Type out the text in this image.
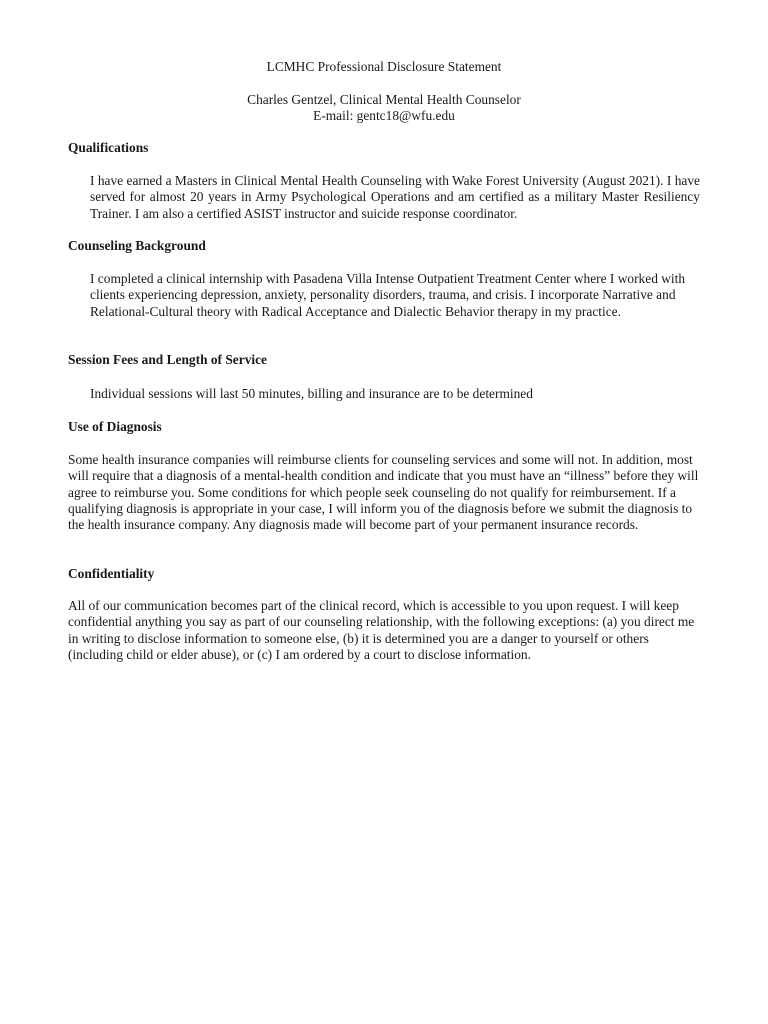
LCMHC Professional Disclosure Statement
Charles Gentzel, Clinical Mental Health Counselor
E-mail: gentc18@wfu.edu
Qualifications

I have earned a Masters in Clinical Mental Health Counseling with Wake Forest University (August 2021). I have served for almost 20 years in Army Psychological Operations and am certified as a military Master Resiliency Trainer. I am also a certified ASIST instructor and suicide response coordinator.

Counseling Background

I completed a clinical internship with Pasadena Villa Intense Outpatient Treatment Center where I worked with clients experiencing depression, anxiety, personality disorders, trauma, and crisis. I incorporate Narrative and Relational-Cultural theory with Radical Acceptance and Dialectic Behavior therapy in my practice.

Session Fees and Length of Service

Individual sessions will last 50 minutes, billing and insurance are to be determined

Use of Diagnosis

Some health insurance companies will reimburse clients for counseling services and some will not. In addition, most will require that a diagnosis of a mental-health condition and indicate that you must have an “illness” before they will agree to reimburse you. Some conditions for which people seek counseling do not qualify for reimbursement. If a qualifying diagnosis is appropriate in your case, I will inform you of the diagnosis before we submit the diagnosis to the health insurance company. Any diagnosis made will become part of your permanent insurance records.

Confidentiality

All of our communication becomes part of the clinical record, which is accessible to you upon request. I will keep confidential anything you say as part of our counseling relationship, with the following exceptions: (a) you direct me in writing to disclose information to someone else, (b) it is determined you are a danger to yourself or others (including child or elder abuse), or (c) I am ordered by a court to disclose information.
